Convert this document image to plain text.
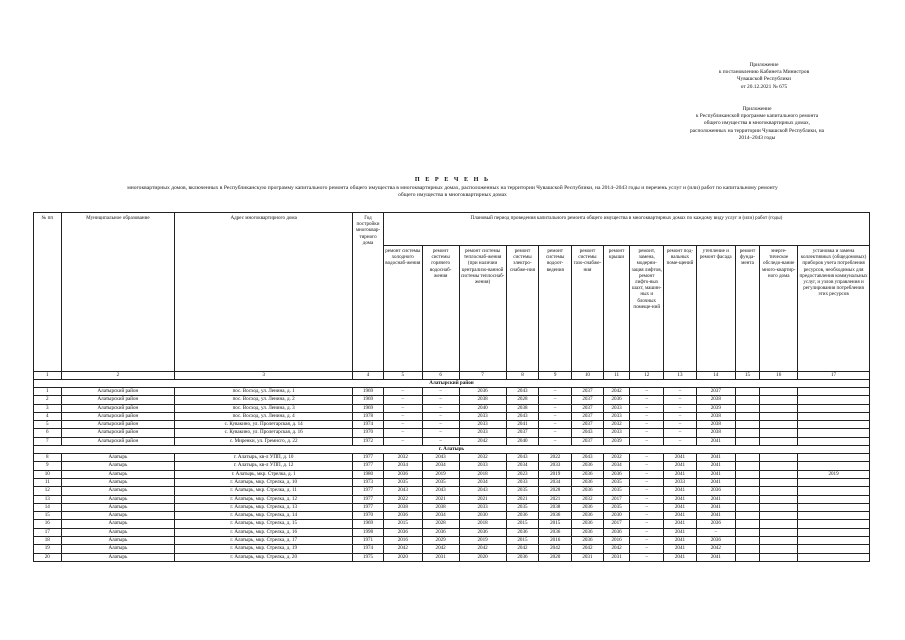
Приложение
к постановлению Кабинета Министров
Чувашской Республики
от 20.12.2021 № 675
Приложение
к Республиканской программе капитального ремонта
общего имущества в многоквартирных домах,
расположенных на территории Чувашской Республики, на
2014–2043 годы
П Е Р Е Ч Е Н Ь
многоквартирных домов, включенных в Республиканскую программу капитального ремонта общего имущества в многоквартирных домах, расположенных на территории Чувашской Республики, на 2014–2043 годы и перечень услуг и (или) работ по капитальному ремонту общего имущества в многоквартирных домах
№ пп	Муниципальное образование	Адрес многоквартирного дома	Год постройки многоквар-тирного дома	Плановый период проведения капитального ремонта общего имущества в многоквартирных домах по каждому виду услуг и (или) работ (годы)												
				ремонт системы холодного водоснаб-жения	ремонт системы горячего водоснаб-жения	ремонт системы теплоснаб-жения (при наличии централизо-ванной системы теплоснаб-жения)	ремонт системы электро-снабже-ния	ремонт системы водоот-ведения	ремонт системы газо-снабже-ния	ремонт крыши	ремонт, замена, модерни-зация лифтов, ремонт лифто-вых шахт, машин-ных и блочных помеще-ний	ремонт под-вальных поме-щений	утепление и ремонт фасада	ремонт фунда-мента	энерге-тическое обследо-вание много-квартир-ного дома	установка и замена коллективных (общедомовых) приборов учета потребления ресурсов, необходимых для предоставления коммунальных услуг, и узлов управления и регулирования потребления этих ресурсов
1	2	3	4	5	6	7	8	9	10	11	12	13	14	15	16	17
Алатырский район																
1	Алатырский район	пос. Восход, ул. Ленина, д. 1	1969	–	–	2036	2043	–	2037	2042	–	–	2037			
2	Алатырский район	пос. Восход, ул. Ленина, д. 2	1969	–	–	2038	2028	–	2037	2036	–	–	2038			
3	Алатырский район	пос. Восход, ул. Ленина, д. 3	1969	–	–	2040	2038	–	2037	2033	–	–	2039			
4	Алатырский район	пос. Восход, ул. Ленина, д. 4	1978	–	–	2033	2043	–	2037	2033	–	–	2038			
5	Алатырский район	с. Кувакино, ул. Пролетарская, д. 14	1974	–	–	2033	2041	–	2037	2032	–	–	2038			
6	Алатырский район	с. Кувакино, ул. Пролетарская, д. 16	1970	–	–	2033	2037	–	2043	2033	–	–	2038			
7	Алатырский район	с. Миренки, ул. Гремнсго, д. 22	1972	–	–	2042	2040	–	2037	2039	–	–	2041			
г. Алатырь																
8	Алатырь	г. Алатырь, кв-л УПП, д. 10	1977	2032	2043	2032	2043	2022	2043	2032	–	2041	2041			
9	Алатырь	г. Алатырь, кв-л УПП, д. 12	1977	2034	2034	2033	2034	2033	2036	2034	–	2041	2041			
10	Алатырь	г. Алатырь, мкр. Стрелка, д. 1	1980	2036	2019	2018	2023	2019	2036	2036	–	2041	2041			2019
11	Алатырь	г. Алатырь, мкр. Стрелка, д. 10	1973	2035	2035	2034	2033	2034	2036	2035	–	2033	2041			
12	Алатырь	г. Алатырь, мкр. Стрелка, д. 11	1977	2043	2043	2043	2035	2028	2036	2035	–	2041	2036			
13	Алатырь	г. Алатырь, мкр. Стрелка, д. 12	1977	2022	2021	2021	2021	2021	2032	2017	–	2041	2041			
14	Алатырь	г. Алатырь, мкр. Стрелка, д. 13	1977	2038	2038	2033	2035	2038	2036	2035	–	2041	2041			
15	Алатырь	г. Алатырь, мкр. Стрелка, д. 14	1970	2036	2034	2030	2036	2036	2036	2030	–	2041	2041			
16	Алатырь	г. Алатырь, мкр. Стрелка, д. 15	1969	2015	2028	2018	2015	2015	2036	2017	–	2041	2036			
17	Алатырь	г. Алатырь, мкр. Стрелка, д. 16	1998	2036	2036	2036	2036	2036	2036	2036	–	2041	–			
18	Алатырь	г. Алатырь, мкр. Стрелка, д. 17	1971	2016	2029	2019	2015	2016	2036	2016	–	2041	2036			
19	Алатырь	г. Алатырь, мкр. Стрелка, д. 19	1974	2042	2042	2042	2042	2042	2042	2042	–	2041	2042			
20	Алатырь	г. Алатырь, мкр. Стрелка, д. 20	1975	2020	2031	2020	2036	2020	2031	2031	–	2041	2041			
